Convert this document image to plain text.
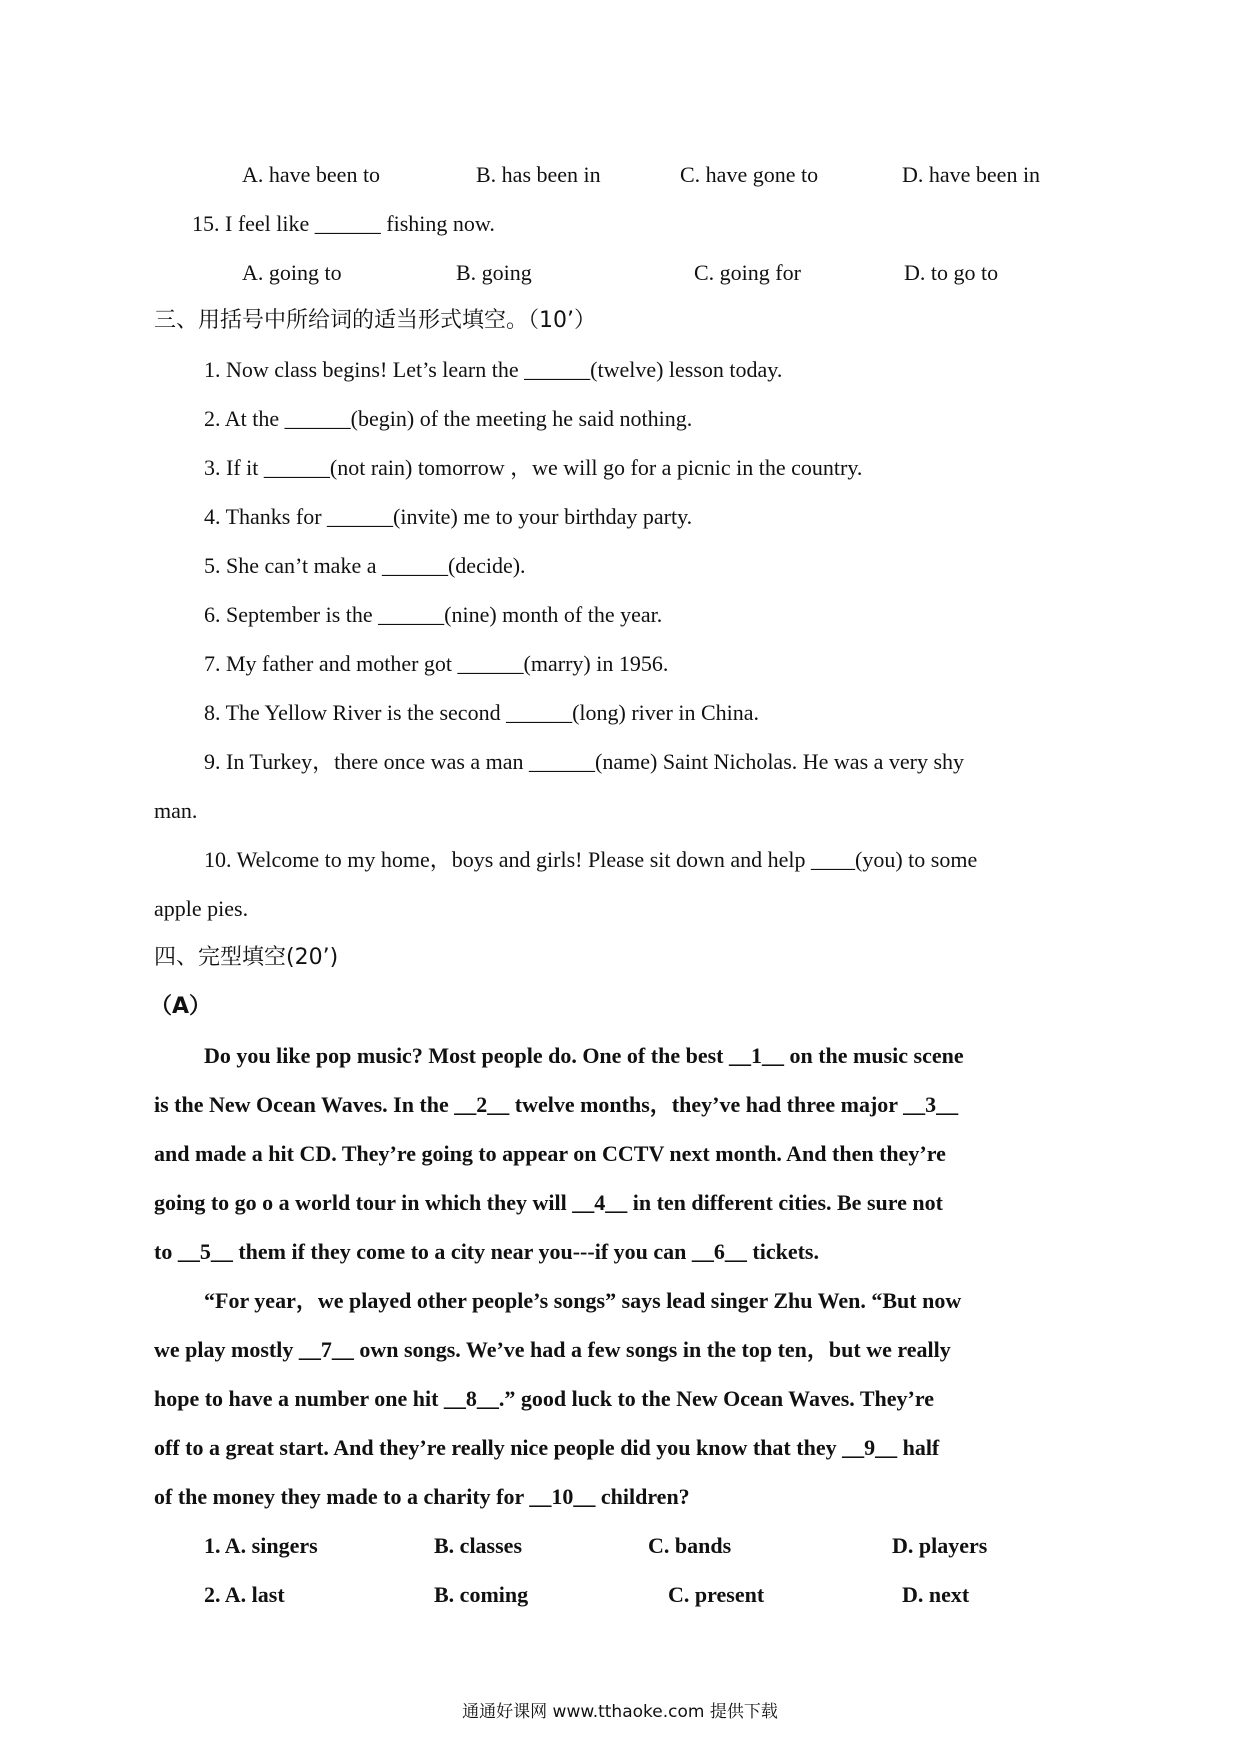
A. have been to	B. has been in	C. have gone to	D. have been in
15. I feel like ______ fishing now.
A. going to	B. going	C. going for	D. to go to
三、用括号中所给词的适当形式填空。（10’）
1. Now class begins! Let’s learn the ______(twelve) lesson today.
2. At the ______(begin) of the meeting he said nothing.
3. If it ______(not rain) tomorrow ，we will go for a picnic in the country.
4. Thanks for ______(invite) me to your birthday party.
5. She can’t make a ______(decide).
6. September is the ______(nine) month of the year.
7. My father and mother got ______(marry) in 1956.
8. The Yellow River is the second ______(long) river in China.
9. In Turkey，there once was a man ______(name) Saint Nicholas. He was a very shy
man.
10. Welcome to my home，boys and girls! Please sit down and help ____(you) to some
apple pies.
四、完型填空(20’)
（A）
Do you like pop music? Most people do. One of the best __1__ on the music scene
is the New Ocean Waves. In the __2__ twelve months，they’ve had three major __3__
and made a hit CD. They’re going to appear on CCTV next month. And then they’re
going to go o a world tour in which they will __4__ in ten different cities. Be sure not
to __5__ them if they come to a city near you---if you can __6__ tickets.
“For year，we played other people’s songs” says lead singer Zhu Wen. “But now
we play mostly __7__ own songs. We’ve had a few songs in the top ten，but we really
hope to have a number one hit __8__.” good luck to the New Ocean Waves. They’re
off to a great start. And they’re really nice people did you know that they __9__ half
of the money they made to a charity for __10__ children?
1. A. singers	B. classes	C. bands	D. players
2. A. last	B. coming	C. present	D. next
通通好课网 www.tthaoke.com 提供下载
